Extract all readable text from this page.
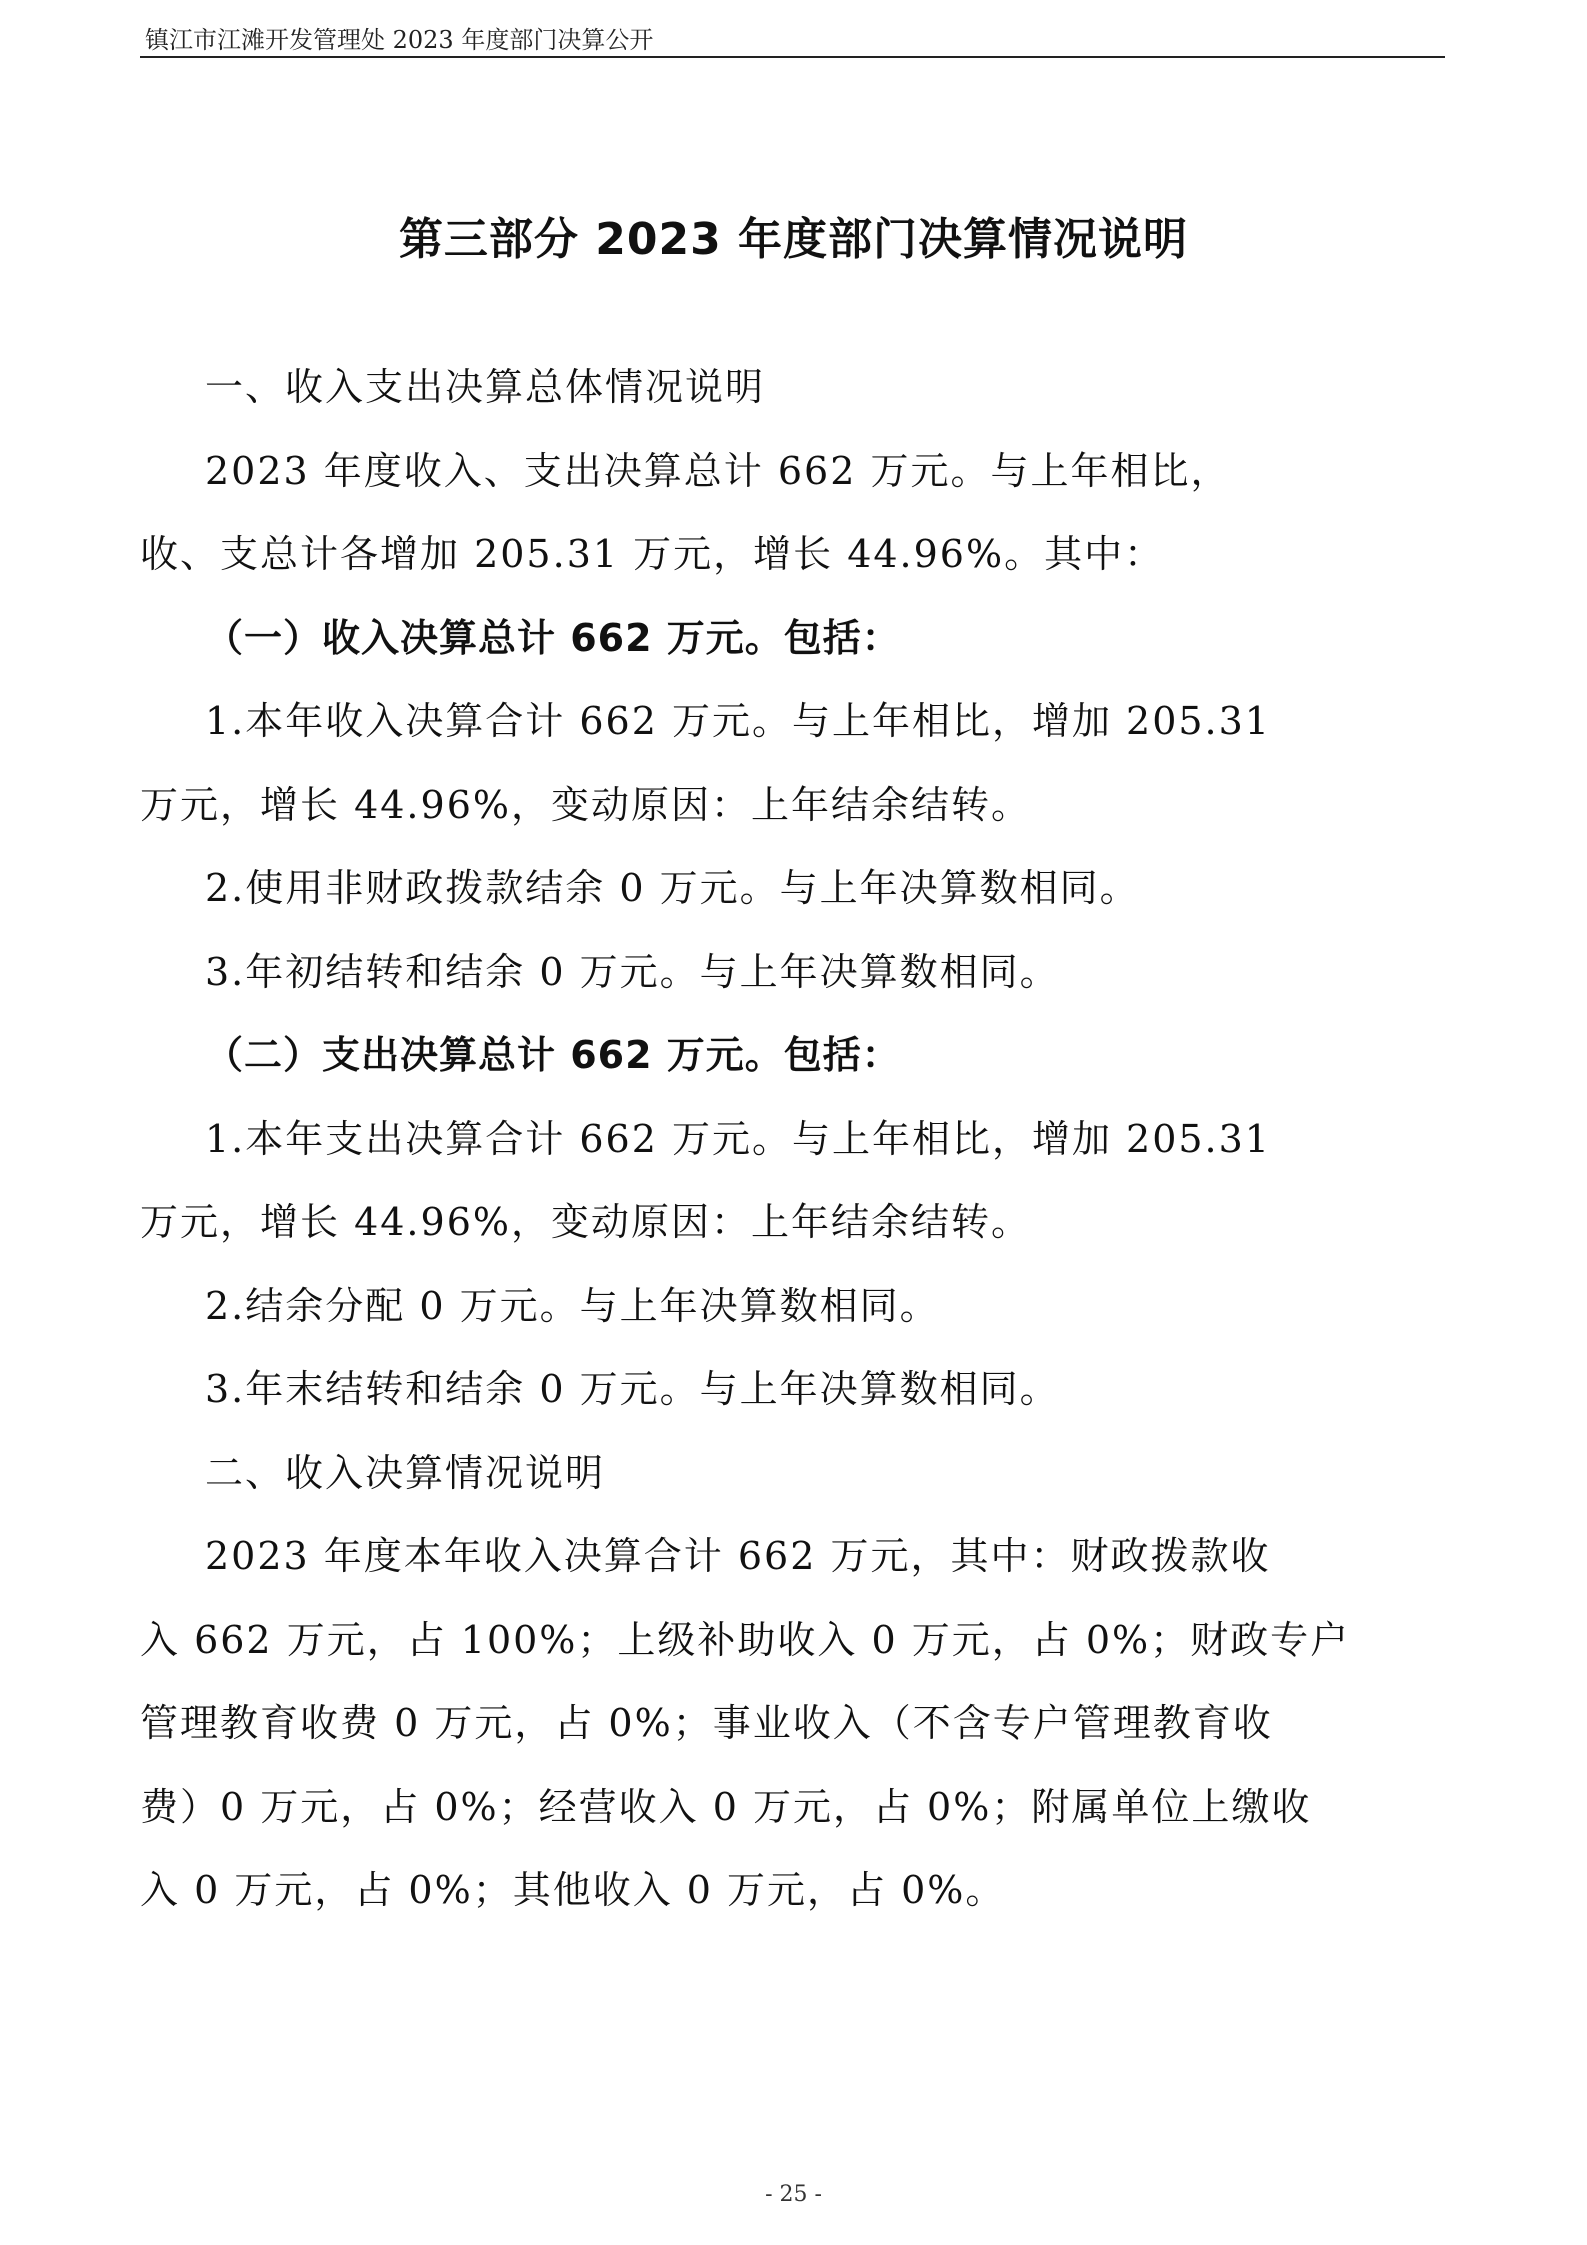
镇江市江滩开发管理处 2023 年度部门决算公开
第三部分 2023 年度部门决算情况说明
一、收入支出决算总体情况说明
2023 年度收入、支出决算总计 662 万元。与上年相比，
收、支总计各增加 205.31 万元，增长 44.96%。其中：
（一）收入决算总计 662 万元。包括：
1.本年收入决算合计 662 万元。与上年相比，增加 205.31
万元，增长 44.96%，变动原因：上年结余结转。
2.使用非财政拨款结余 0 万元。与上年决算数相同。
3.年初结转和结余 0 万元。与上年决算数相同。
（二）支出决算总计 662 万元。包括：
1.本年支出决算合计 662 万元。与上年相比，增加 205.31
万元，增长 44.96%，变动原因：上年结余结转。
2.结余分配 0 万元。与上年决算数相同。
3.年末结转和结余 0 万元。与上年决算数相同。
二、收入决算情况说明
2023 年度本年收入决算合计 662 万元，其中：财政拨款收
入 662 万元，占 100%；上级补助收入 0 万元，占 0%；财政专户
管理教育收费 0 万元，占 0%；事业收入（不含专户管理教育收
费）0 万元，占 0%；经营收入 0 万元，占 0%；附属单位上缴收
入 0 万元，占 0%；其他收入 0 万元，占 0%。
- 25 -
